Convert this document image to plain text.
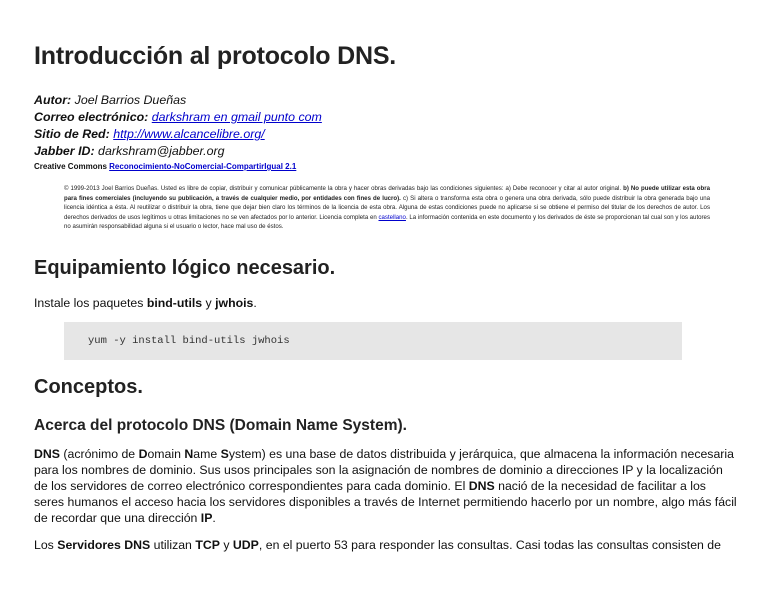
Introducción al protocolo DNS.
Autor: Joel Barrios Dueñas
Correo electrónico: darkshram en gmail punto com
Sitio de Red: http://www.alcancelibre.org/
Jabber ID: darkshram@jabber.org
Creative Commons Reconocimiento-NoComercial-CompartirIgual 2.1
© 1999-2013 Joel Barrios Dueñas. Usted es libre de copiar, distribuir y comunicar públicamente la obra y hacer obras derivadas bajo las condiciones siguientes: a) Debe reconocer y citar al autor original. b) No puede utilizar esta obra para fines comerciales (incluyendo su publicación, a través de cualquier medio, por entidades con fines de lucro). c) Si altera o transforma esta obra o genera una obra derivada, sólo puede distribuir la obra generada bajo una licencia idéntica a ésta. Al reutilizar o distribuir la obra, tiene que dejar bien claro los términos de la licencia de esta obra. Alguna de estas condiciones puede no aplicarse si se obtiene el permiso del titular de los derechos de autor. Los derechos derivados de usos legítimos u otras limitaciones no se ven afectados por lo anterior. Licencia completa en castellano. La información contenida en este documento y los derivados de éste se proporcionan tal cual son y los autores no asumirán responsabilidad alguna si el usuario o lector, hace mal uso de éstos.
Equipamiento lógico necesario.

Instale los paquetes bind-utils y jwhois.

yum -y install bind-utils jwhois
Conceptos.
Acerca del protocolo DNS (Domain Name System).

DNS (acrónimo de Domain Name System) es una base de datos distribuida y jerárquica, que almacena la información necesaria para los nombres de dominio. Sus usos principales son la asignación de nombres de dominio a direcciones IP y la localización de los servidores de correo electrónico correspondientes para cada dominio. El DNS nació de la necesidad de facilitar a los seres humanos el acceso hacia los servidores disponibles a través de Internet permitiendo hacerlo por un nombre, algo más fácil de recordar que una dirección IP.

Los Servidores DNS utilizan TCP y UDP, en el puerto 53 para responder las consultas. Casi todas las consultas consisten de
